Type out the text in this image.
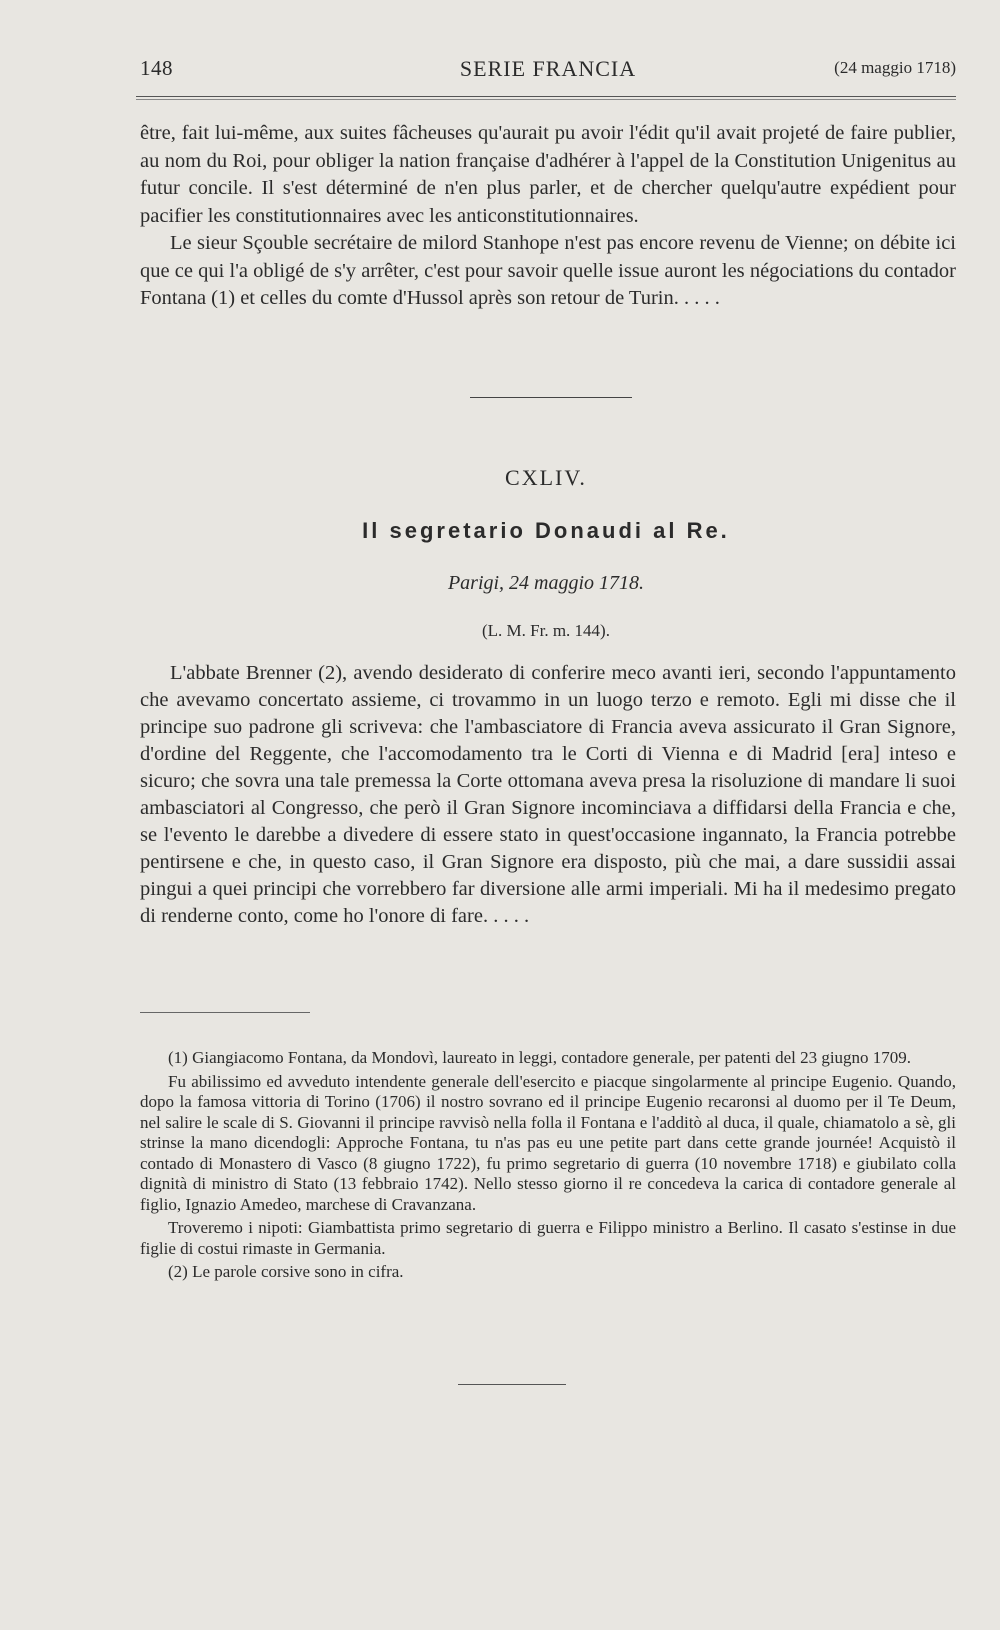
148	SERIE FRANCIA	(24 maggio 1718)

être, fait lui-même, aux suites fâcheuses qu'aurait pu avoir l'édit qu'il avait projeté de faire publier, au nom du Roi, pour obliger la nation française d'adhérer à l'appel de la Constitution Unigenitus au futur concile. Il s'est déterminé de n'en plus parler, et de chercher quelqu'autre expédient pour pacifier les constitutionnaires avec les anticonstitutionnaires.

Le sieur Sçouble secrétaire de milord Stanhope n'est pas encore revenu de Vienne; on débite ici que ce qui l'a obligé de s'y arrêter, c'est pour savoir quelle issue auront les négociations du contador Fontana (1) et celles du comte d'Hussol après son retour de Turin. . . . .

CXLIV.
Il segretario Donaudi al Re.
Parigi, 24 maggio 1718.
(L. M. Fr. m. 144).

L'abbate Brenner (2), avendo desiderato di conferire meco avanti ieri, secondo l'appuntamento che avevamo concertato assieme, ci trovammo in un luogo terzo e remoto. Egli mi disse che il principe suo padrone gli scriveva: che l'ambasciatore di Francia aveva assicurato il Gran Signore, d'ordine del Reggente, che l'accomodamento tra le Corti di Vienna e di Madrid [era] inteso e sicuro; che sovra una tale premessa la Corte ottomana aveva presa la risoluzione di mandare li suoi ambasciatori al Congresso, che però il Gran Signore incominciava a diffidarsi della Francia e che, se l'evento le darebbe a divedere di essere stato in quest'occasione ingannato, la Francia potrebbe pentirsene e che, in questo caso, il Gran Signore era disposto, più che mai, a dare sussidii assai pingui a quei principi che vorrebbero far diversione alle armi imperiali. Mi ha il medesimo pregato di renderne conto, come ho l'onore di fare. . . . .

(1) Giangiacomo Fontana, da Mondovì, laureato in leggi, contadore generale, per patenti del 23 giugno 1709.

Fu abilissimo ed avveduto intendente generale dell'esercito e piacque singolarmente al principe Eugenio. Quando, dopo la famosa vittoria di Torino (1706) il nostro sovrano ed il principe Eugenio recaronsi al duomo per il Te Deum, nel salire le scale di S. Giovanni il principe ravvisò nella folla il Fontana e l'additò al duca, il quale, chiamatolo a sè, gli strinse la mano dicendogli: Approche Fontana, tu n'as pas eu une petite part dans cette grande journée! Acquistò il contado di Monastero di Vasco (8 giugno 1722), fu primo segretario di guerra (10 novembre 1718) e giubilato colla dignità di ministro di Stato (13 febbraio 1742). Nello stesso giorno il re concedeva la carica di contadore generale al figlio, Ignazio Amedeo, marchese di Cravanzana.

Troveremo i nipoti: Giambattista primo segretario di guerra e Filippo ministro a Berlino. Il casato s'estinse in due figlie di costui rimaste in Germania.

(2) Le parole corsive sono in cifra.
